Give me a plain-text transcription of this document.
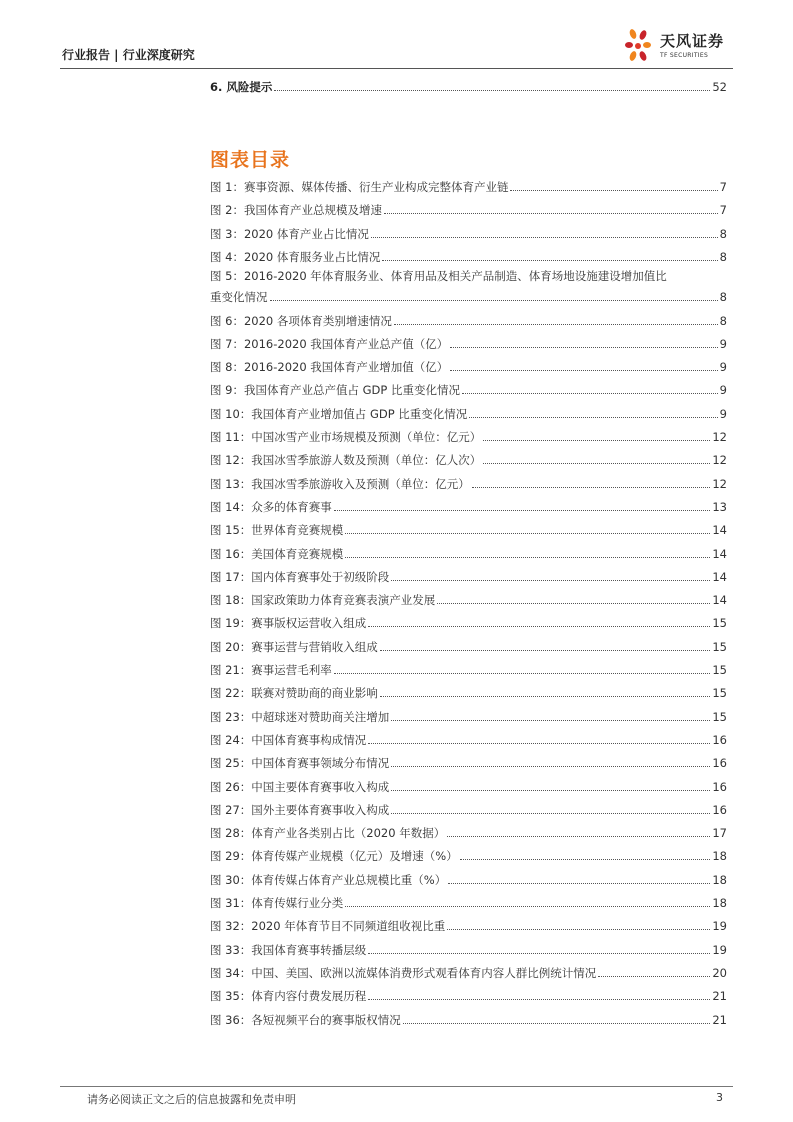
行业报告 | 行业深度研究
天风证券
TF SECURITIES
6. 风险提示	52
图表目录
图 1：赛事资源、媒体传播、衍生产业构成完整体育产业链	7
图 2：我国体育产业总规模及增速	7
图 3：2020 体育产业占比情况	8
图 4：2020 体育服务业占比情况	8
图 5：2016-2020 年体育服务业、体育用品及相关产品制造、体育场地设施建设增加值比
重变化情况	8
图 6：2020 各项体育类别增速情况	8
图 7：2016-2020 我国体育产业总产值（亿）	9
图 8：2016-2020 我国体育产业增加值（亿）	9
图 9：我国体育产业总产值占 GDP 比重变化情况	9
图 10：我国体育产业增加值占 GDP 比重变化情况	9
图 11：中国冰雪产业市场规模及预测（单位：亿元）	12
图 12：我国冰雪季旅游人数及预测（单位：亿人次）	12
图 13：我国冰雪季旅游收入及预测（单位：亿元）	12
图 14：众多的体育赛事	13
图 15：世界体育竞赛规模	14
图 16：美国体育竞赛规模	14
图 17：国内体育赛事处于初级阶段	14
图 18：国家政策助力体育竞赛表演产业发展	14
图 19：赛事版权运营收入组成	15
图 20：赛事运营与营销收入组成	15
图 21：赛事运营毛利率	15
图 22：联赛对赞助商的商业影响	15
图 23：中超球迷对赞助商关注增加	15
图 24：中国体育赛事构成情况	16
图 25：中国体育赛事领域分布情况	16
图 26：中国主要体育赛事收入构成	16
图 27：国外主要体育赛事收入构成	16
图 28：体育产业各类别占比（2020 年数据）	17
图 29：体育传媒产业规模（亿元）及增速（%）	18
图 30：体育传媒占体育产业总规模比重（%）	18
图 31：体育传媒行业分类	18
图 32：2020 年体育节目不同频道组收视比重	19
图 33：我国体育赛事转播层级	19
图 34：中国、美国、欧洲以流媒体消费形式观看体育内容人群比例统计情况	20
图 35：体育内容付费发展历程	21
图 36：各短视频平台的赛事版权情况	21
请务必阅读正文之后的信息披露和免责申明	3
